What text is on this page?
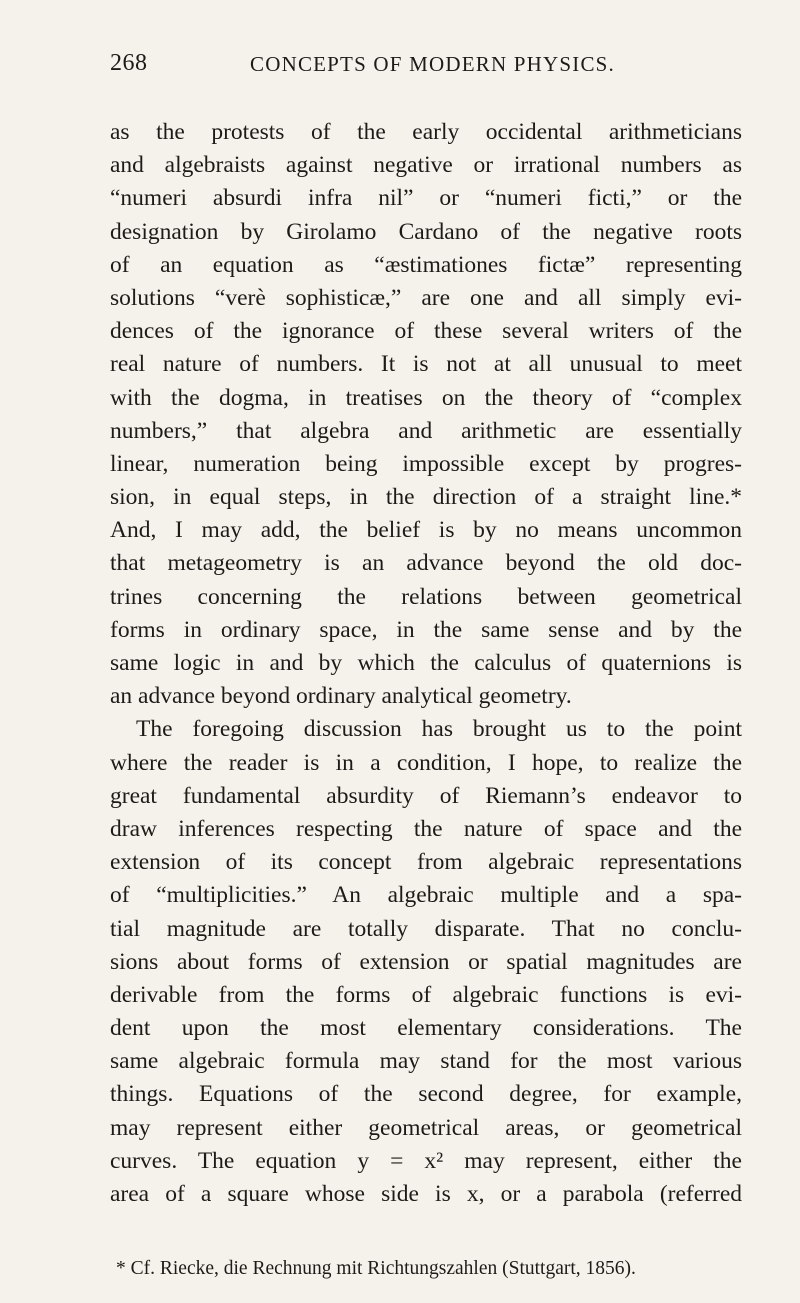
268	CONCEPTS OF MODERN PHYSICS.
as the protests of the early occidental arithmeticians
and algebraists against negative or irrational numbers as
“numeri absurdi infra nil” or “numeri ficti,” or the
designation by Girolamo Cardano of the negative roots
of an equation as “æstimationes fictæ” representing
solutions “verè sophisticæ,” are one and all simply evi-
dences of the ignorance of these several writers of the
real nature of numbers. It is not at all unusual to meet
with the dogma, in treatises on the theory of “complex
numbers,” that algebra and arithmetic are essentially
linear, numeration being impossible except by progres-
sion, in equal steps, in the direction of a straight line.*
And, I may add, the belief is by no means uncommon
that metageometry is an advance beyond the old doc-
trines concerning the relations between geometrical
forms in ordinary space, in the same sense and by the
same logic in and by which the calculus of quaternions is
an advance beyond ordinary analytical geometry.
The foregoing discussion has brought us to the point
where the reader is in a condition, I hope, to realize the
great fundamental absurdity of Riemann’s endeavor to
draw inferences respecting the nature of space and the
extension of its concept from algebraic representations
of “multiplicities.” An algebraic multiple and a spa-
tial magnitude are totally disparate. That no conclu-
sions about forms of extension or spatial magnitudes are
derivable from the forms of algebraic functions is evi-
dent upon the most elementary considerations. The
same algebraic formula may stand for the most various
things. Equations of the second degree, for example,
may represent either geometrical areas, or geometrical
curves. The equation y = x² may represent, either the
area of a square whose side is x, or a parabola (referred
* Cf. Riecke, die Rechnung mit Richtungszahlen (Stuttgart, 1856).
